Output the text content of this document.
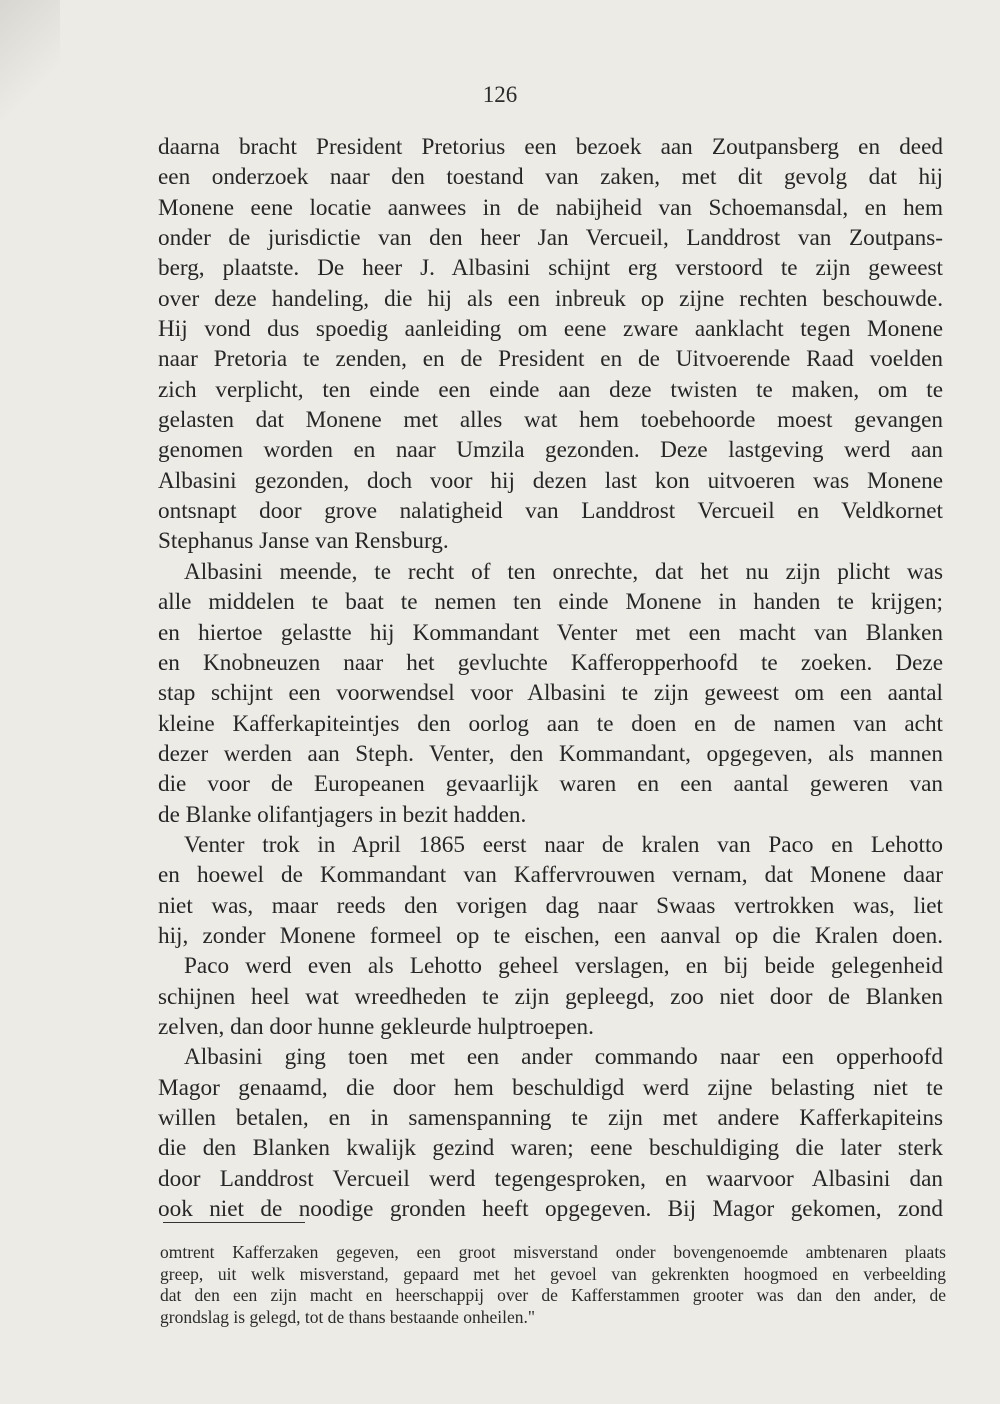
126
daarna bracht President Pretorius een bezoek aan Zoutpansberg en deed
een onderzoek naar den toestand van zaken, met dit gevolg dat hij
Monene eene locatie aanwees in de nabijheid van Schoemansdal, en hem
onder de jurisdictie van den heer Jan Vercueil, Landdrost van Zoutpans-
berg, plaatste. De heer J. Albasini schijnt erg verstoord te zijn geweest
over deze handeling, die hij als een inbreuk op zijne rechten beschouwde.
Hij vond dus spoedig aanleiding om eene zware aanklacht tegen Monene
naar Pretoria te zenden, en de President en de Uitvoerende Raad voelden
zich verplicht, ten einde een einde aan deze twisten te maken, om te
gelasten dat Monene met alles wat hem toebehoorde moest gevangen
genomen worden en naar Umzila gezonden. Deze lastgeving werd aan
Albasini gezonden, doch voor hij dezen last kon uitvoeren was Monene
ontsnapt door grove nalatigheid van Landdrost Vercueil en Veldkornet
Stephanus Janse van Rensburg.
Albasini meende, te recht of ten onrechte, dat het nu zijn plicht was
alle middelen te baat te nemen ten einde Monene in handen te krijgen;
en hiertoe gelastte hij Kommandant Venter met een macht van Blanken
en Knobneuzen naar het gevluchte Kafferopperhoofd te zoeken. Deze
stap schijnt een voorwendsel voor Albasini te zijn geweest om een aantal
kleine Kafferkapiteintjes den oorlog aan te doen en de namen van acht
dezer werden aan Steph. Venter, den Kommandant, opgegeven, als mannen
die voor de Europeanen gevaarlijk waren en een aantal geweren van
de Blanke olifantjagers in bezit hadden.
Venter trok in April 1865 eerst naar de kralen van Paco en Lehotto
en hoewel de Kommandant van Kaffervrouwen vernam, dat Monene daar
niet was, maar reeds den vorigen dag naar Swaas vertrokken was, liet
hij, zonder Monene formeel op te eischen, een aanval op die Kralen doen.
Paco werd even als Lehotto geheel verslagen, en bij beide gelegenheid
schijnen heel wat wreedheden te zijn gepleegd, zoo niet door de Blanken
zelven, dan door hunne gekleurde hulptroepen.
Albasini ging toen met een ander commando naar een opperhoofd
Magor genaamd, die door hem beschuldigd werd zijne belasting niet te
willen betalen, en in samenspanning te zijn met andere Kafferkapiteins
die den Blanken kwalijk gezind waren; eene beschuldiging die later sterk
door Landdrost Vercueil werd tegengesproken, en waarvoor Albasini dan
ook niet de noodige gronden heeft opgegeven. Bij Magor gekomen, zond
omtrent Kafferzaken gegeven, een groot misverstand onder bovengenoemde ambtenaren plaats
greep, uit welk misverstand, gepaard met het gevoel van gekrenkten hoogmoed en verbeelding
dat den een zijn macht en heerschappij over de Kafferstammen grooter was dan den ander, de
grondslag is gelegd, tot de thans bestaande onheilen."
